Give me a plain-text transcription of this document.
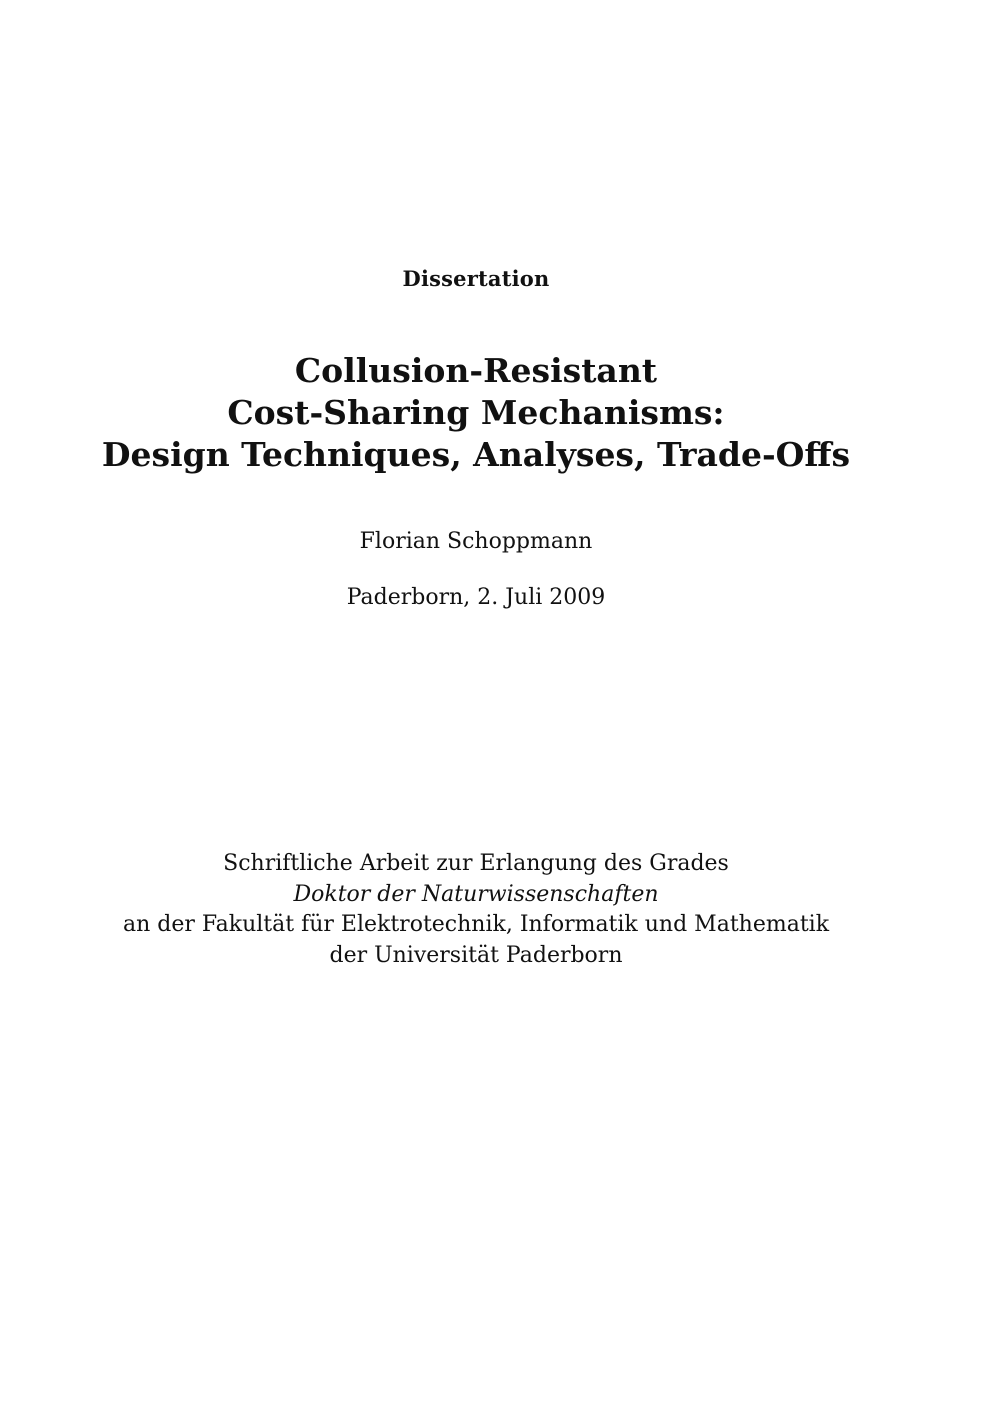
Dissertation
Collusion-Resistant
Cost-Sharing Mechanisms:
Design Techniques, Analyses, Trade-Offs
Florian Schoppmann
Paderborn, 2. Juli 2009
Schriftliche Arbeit zur Erlangung des Grades
Doktor der Naturwissenschaften
an der Fakultät für Elektrotechnik, Informatik und Mathematik
der Universität Paderborn
